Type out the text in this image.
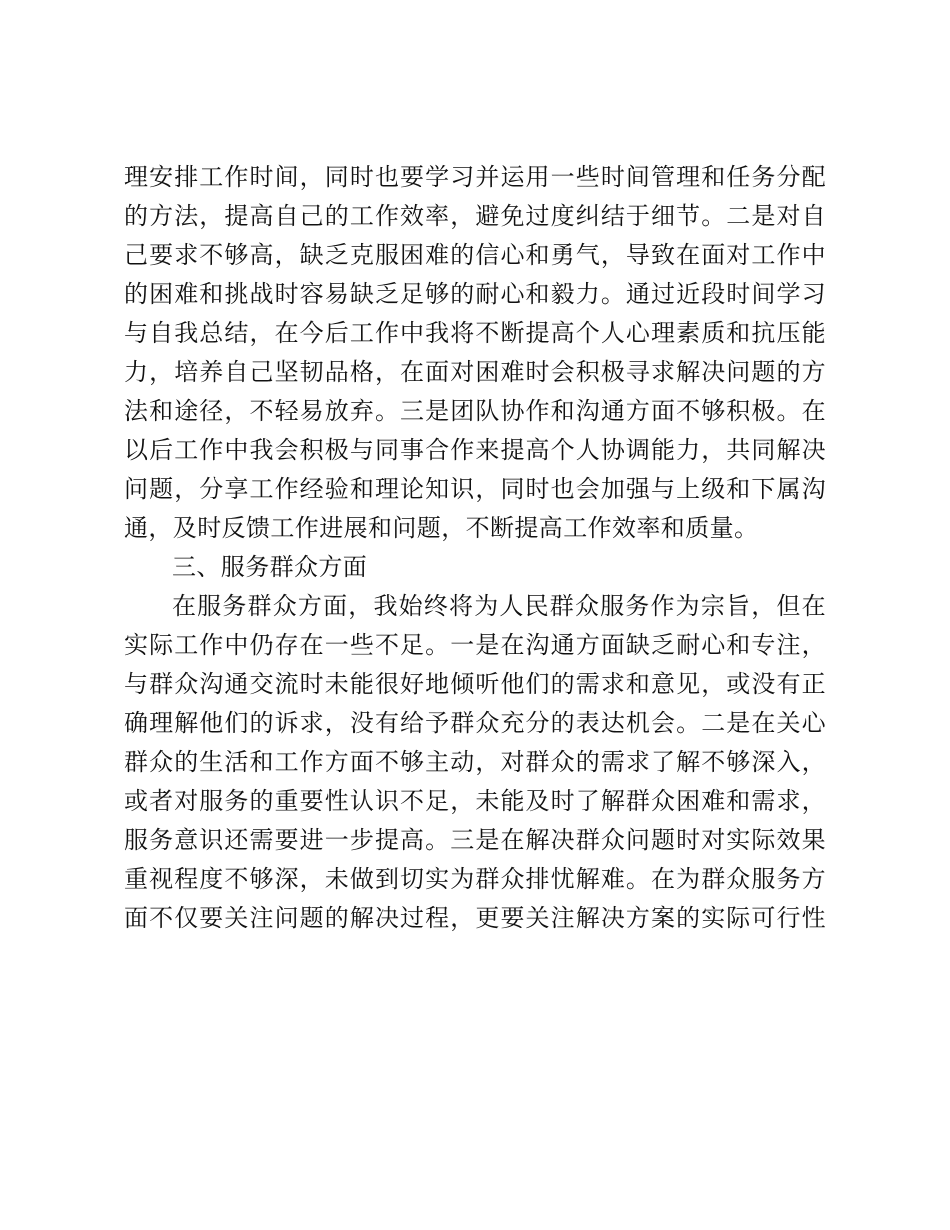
理安排工作时间，同时也要学习并运用一些时间管理和任务分配
的方法，提高自己的工作效率，避免过度纠结于细节。二是对自
己要求不够高，缺乏克服困难的信心和勇气，导致在面对工作中
的困难和挑战时容易缺乏足够的耐心和毅力。通过近段时间学习
与自我总结，在今后工作中我将不断提高个人心理素质和抗压能
力，培养自己坚韧品格，在面对困难时会积极寻求解决问题的方
法和途径，不轻易放弃。三是团队协作和沟通方面不够积极。在
以后工作中我会积极与同事合作来提高个人协调能力，共同解决
问题，分享工作经验和理论知识，同时也会加强与上级和下属沟
通，及时反馈工作进展和问题，不断提高工作效率和质量。
三、服务群众方面
在服务群众方面，我始终将为人民群众服务作为宗旨，但在
实际工作中仍存在一些不足。一是在沟通方面缺乏耐心和专注，
与群众沟通交流时未能很好地倾听他们的需求和意见，或没有正
确理解他们的诉求，没有给予群众充分的表达机会。二是在关心
群众的生活和工作方面不够主动，对群众的需求了解不够深入，
或者对服务的重要性认识不足，未能及时了解群众困难和需求，
服务意识还需要进一步提高。三是在解决群众问题时对实际效果
重视程度不够深，未做到切实为群众排忧解难。在为群众服务方
面不仅要关注问题的解决过程，更要关注解决方案的实际可行性
